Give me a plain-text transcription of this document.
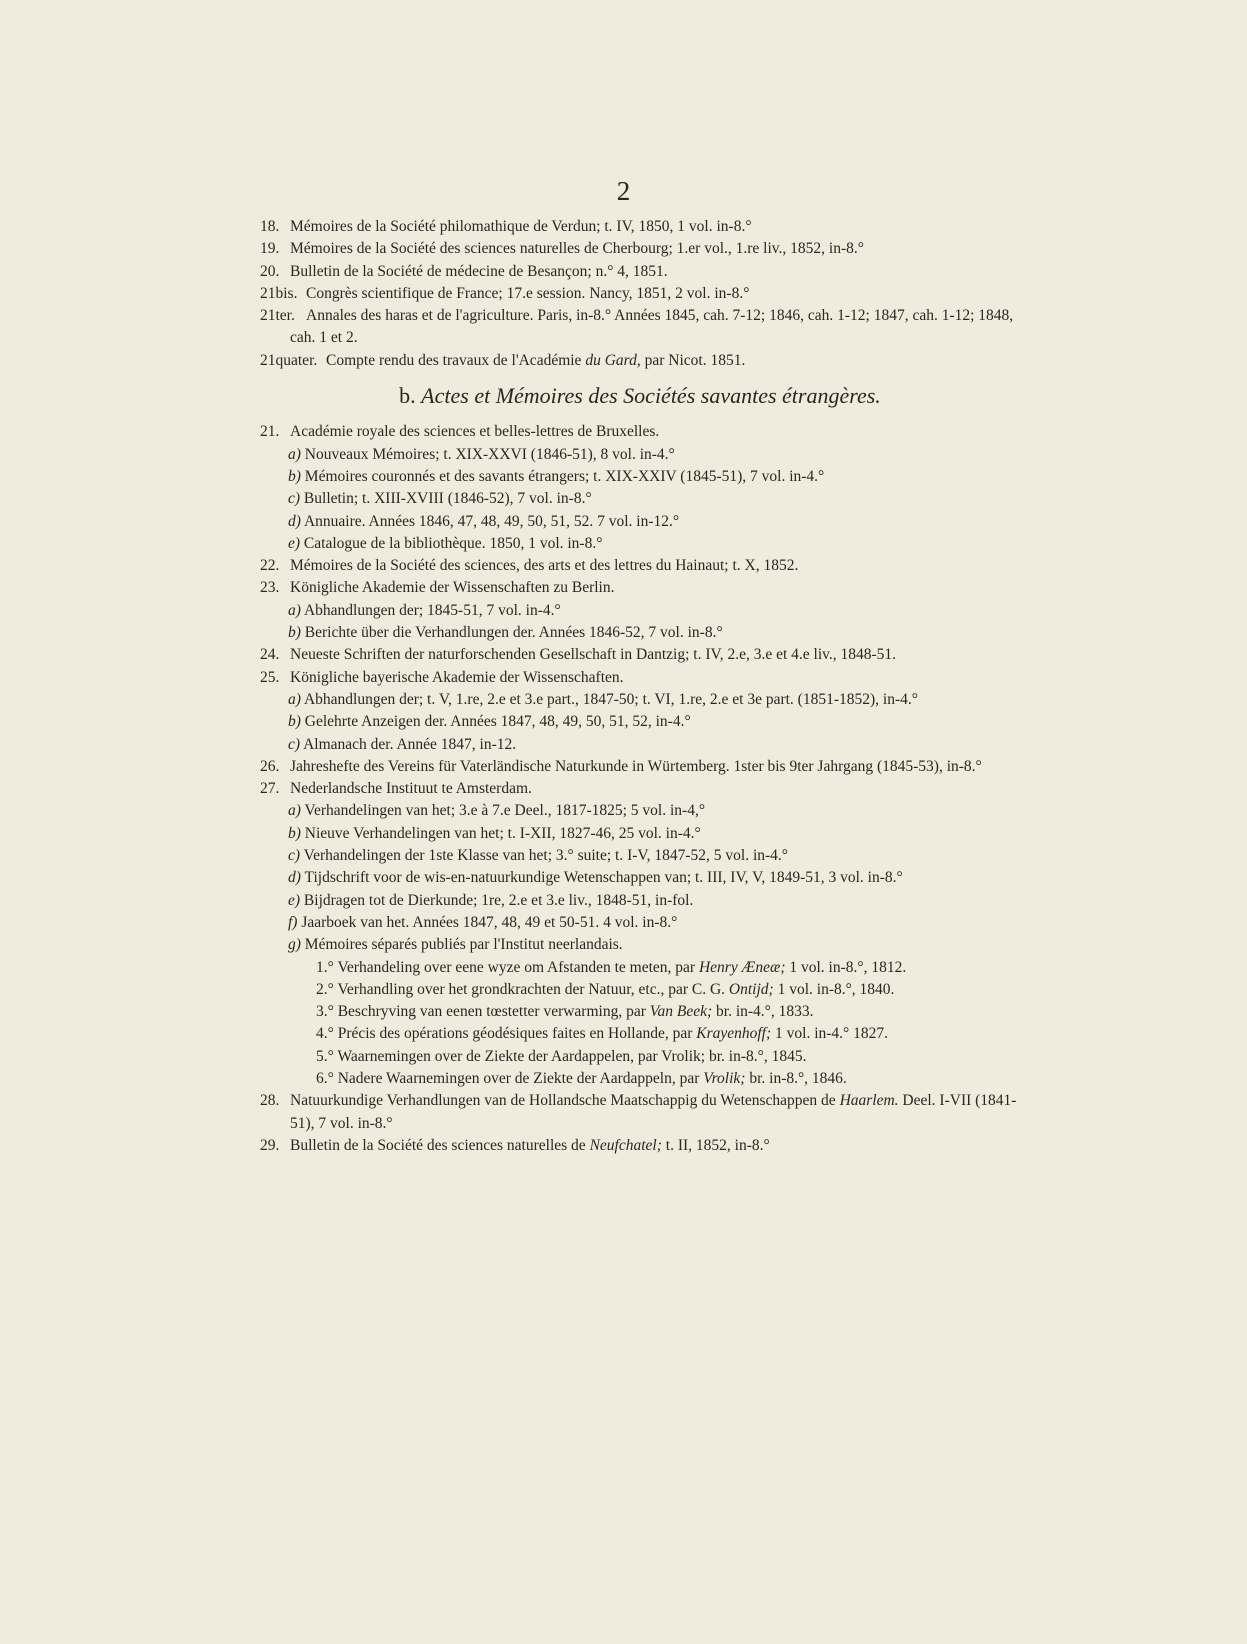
2
18. Mémoires de la Société philomathique de Verdun; t. IV, 1850, 1 vol. in-8.°
19. Mémoires de la Société des sciences naturelles de Cherbourg; 1.er vol., 1.re liv., 1852, in-8.°
20. Bulletin de la Société de médecine de Besançon; n.° 4, 1851.
21bis. Congrès scientifique de France; 17.e session. Nancy, 1851, 2 vol. in-8.°
21ter. Annales des haras et de l'agriculture. Paris, in-8.° Années 1845, cah. 7-12; 1846, cah. 1-12; 1847, cah. 1-12; 1848, cah. 1 et 2.
21quater. Compte rendu des travaux de l'Académie du Gard, par Nicot. 1851.
b. Actes et Mémoires des Sociétés savantes étrangères.
21. Académie royale des sciences et belles-lettres de Bruxelles.
a) Nouveaux Mémoires; t. XIX-XXVI (1846-51), 8 vol. in-4.°
b) Mémoires couronnés et des savants étrangers; t. XIX-XXIV (1845-51), 7 vol. in-4.°
c) Bulletin; t. XIII-XVIII (1846-52), 7 vol. in-8.°
d) Annuaire. Années 1846, 47, 48, 49, 50, 51, 52. 7 vol. in-12.°
e) Catalogue de la bibliothèque. 1850, 1 vol. in-8.°
22. Mémoires de la Société des sciences, des arts et des lettres du Hainaut; t. X, 1852.
23. Königliche Akademie der Wissenschaften zu Berlin.
a) Abhandlungen der; 1845-51, 7 vol. in-4.°
b) Berichte über die Verhandlungen der. Années 1846-52, 7 vol. in-8.°
24. Neueste Schriften der naturforschenden Gesellschaft in Dantzig; t. IV, 2.e, 3.e et 4.e liv., 1848-51.
25. Königliche bayerische Akademie der Wissenschaften.
a) Abhandlungen der; t. V, 1.re, 2.e et 3.e part., 1847-50; t. VI, 1.re, 2.e et 3e part. (1851-1852), in-4.°
b) Gelehrte Anzeigen der. Années 1847, 48, 49, 50, 51, 52, in-4.°
c) Almanach der. Année 1847, in-12.
26. Jahreshefte des Vereins für Vaterländische Naturkunde in Würtemberg. 1ster bis 9ter Jahrgang (1845-53), in-8.°
27. Nederlandsche Instituut te Amsterdam.
a) Verhandelingen van het; 3.e à 7.e Deel., 1817-1825; 5 vol. in-4,°
b) Nieuve Verhandelingen van het; t. I-XII, 1827-46, 25 vol. in-4.°
c) Verhandelingen der 1ste Klasse van het; 3.° suite; t. I-V, 1847-52, 5 vol. in-4.°
d) Tijdschrift voor de wis-en-natuurkundige Wetenschappen van; t. III, IV, V, 1849-51, 3 vol. in-8.°
e) Bijdragen tot de Dierkunde; 1re, 2.e et 3.e liv., 1848-51, in-fol.
f) Jaarboek van het. Années 1847, 48, 49 et 50-51. 4 vol. in-8.°
g) Mémoires séparés publiés par l'Institut neerlandais.
1.° Verhandeling over eene wyze om Afstanden te meten, par Henry Æneæ; 1 vol. in-8.°, 1812.
2.° Verhandling over het grondkrachten der Natuur, etc., par C. G. Ontijd; 1 vol. in-8.°, 1840.
3.° Beschryving van eenen tœstetter verwarming, par Van Beek; br. in-4.°, 1833.
4.° Précis des opérations géodésiques faites en Hollande, par Krayenhoff; 1 vol. in-4.° 1827.
5.° Waarnemingen over de Ziekte der Aardappelen, par Vrolik; br. in-8.°, 1845.
6.° Nadere Waarnemingen over de Ziekte der Aardappeln, par Vrolik; br. in-8.°, 1846.
28. Natuurkundige Verhandlungen van de Hollandsche Maatschappig du Wetenschappen de Haarlem. Deel. I-VII (1841-51), 7 vol. in-8.°
29. Bulletin de la Société des sciences naturelles de Neufchatel; t. II, 1852, in-8.°
